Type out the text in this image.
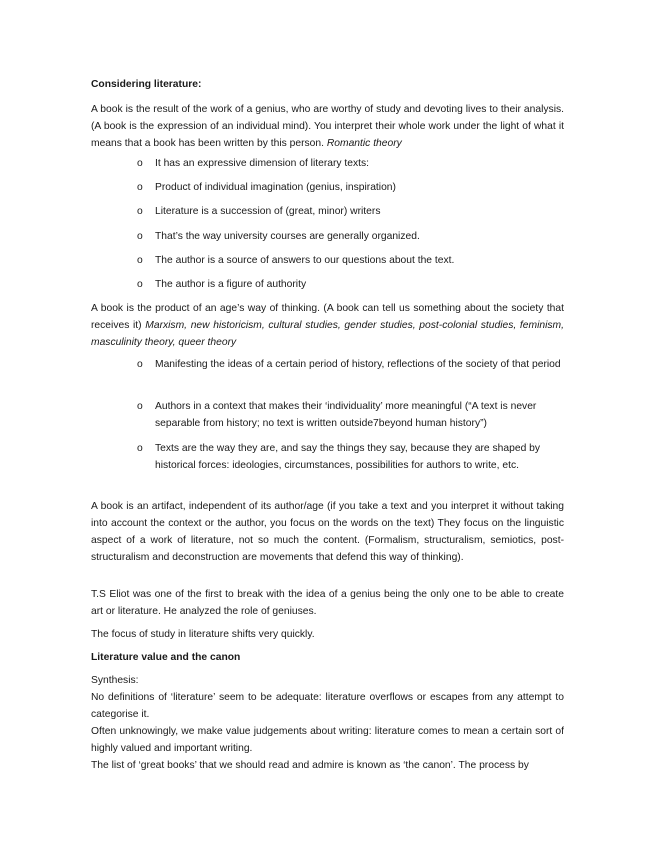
Considering literature:
A book is the result of the work of a genius, who are worthy of study and devoting lives to their analysis. (A book is the expression of an individual mind). You interpret their whole work under the light of what it means that a book has been written by this person. Romantic theory
o	It has an expressive dimension of literary texts:
o	Product of individual imagination (genius, inspiration)
o	Literature is a succession of (great, minor) writers
o	That’s the way university courses are generally organized.
o	The author is a source of answers to our questions about the text.
o	The author is a figure of authority
A book is the product of an age’s way of thinking. (A book can tell us something about the society that receives it) Marxism, new historicism, cultural studies, gender studies, post-colonial studies, feminism, masculinity theory, queer theory
o	Manifesting the ideas of a certain period of history, reflections of the society of that period
o	Authors in a context that makes their ‘individuality’ more meaningful (“A text is never separable from history; no text is written outside7beyond human history”)
o	Texts are the way they are, and say the things they say, because they are shaped by historical forces: ideologies, circumstances, possibilities for authors to write, etc.
A book is an artifact, independent of its author/age (if you take a text and you interpret it without taking into account the context or the author, you focus on the words on the text) They focus on the linguistic aspect of a work of literature, not so much the content. (Formalism, structuralism, semiotics, post-structuralism and deconstruction are movements that defend this way of thinking).
T.S Eliot was one of the first to break with the idea of a genius being the only one to be able to create art or literature. He analyzed the role of geniuses.
The focus of study in literature shifts very quickly.
Literature value and the canon
Synthesis:
No definitions of ‘literature’ seem to be adequate: literature overflows or escapes from any attempt to categorise it.
Often unknowingly, we make value judgements about writing: literature comes to mean a certain sort of highly valued and important writing.
The list of ‘great books’ that we should read and admire is known as ‘the canon’. The process by
